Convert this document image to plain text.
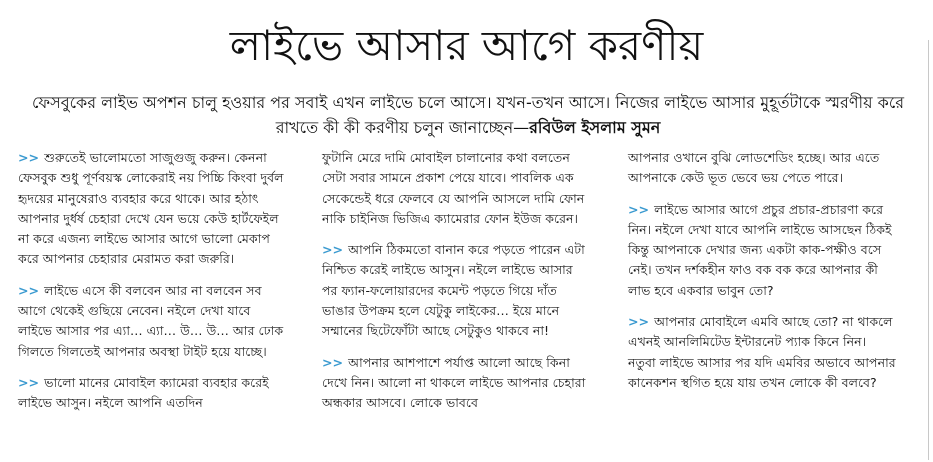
লাইভে আসার আগে করণীয়

ফেসবুকের লাইভ অপশন চালু হওয়ার পর সবাই এখন লাইভে চলে আসে। যখন-তখন আসে। নিজের লাইভে আসার মুহূর্তটাকে স্মরণীয় করে রাখতে কী কী করণীয় চলুন জানাচ্ছেন—রবিউল ইসলাম সুমন

>> শুরুতেই ভালোমতো সাজুগুজু করুন। কেননা ফেসবুক শুধু পূর্ণবয়স্ক লোকেরাই নয় পিচ্চি কিংবা দুর্বল হৃদয়ের মানুষেরাও ব্যবহার করে থাকে। আর হঠাৎ আপনার দুর্ধর্ষ চেহারা দেখে যেন ভয়ে কেউ হার্টফেইল না করে এজন্য লাইভে আসার আগে ভালো মেকাপ করে আপনার চেহারার মেরামত করা জরুরি।

>> লাইভে এসে কী বলবেন আর না বলবেন সব আগে থেকেই গুছিয়ে নেবেন। নইলে দেখা যাবে লাইভে আসার পর এ্যা… এ্যা… উ… উ… আর ঢোক গিলতে গিলতেই আপনার অবস্থা টাইট হয়ে যাচ্ছে।

>> ভালো মানের মোবাইল ক্যামেরা ব্যবহার করেই লাইভে আসুন। নইলে আপনি এতদিন

ফুটানি মেরে দামি মোবাইল চালানোর কথা বলতেন সেটা সবার সামনে প্রকাশ পেয়ে যাবে। পাবলিক এক সেকেন্ডেই ধরে ফেলবে যে আপনি আসলে দামি ফোন নাকি চাইনিজ ভিজিএ ক্যামেরার ফোন ইউজ করেন।

>> আপনি ঠিকমতো বানান করে পড়তে পারেন এটা নিশ্চিত করেই লাইভে আসুন। নইলে লাইভে আসার পর ফ্যান-ফলোয়ারদের কমেন্ট পড়তে গিয়ে দাঁত ভাঙার উপক্রম হলে যেটুকু লাইকের… ইয়ে মানে সম্মানের ছিটেফোঁটা আছে সেটুকুও থাকবে না!

>> আপনার আশপাশে পর্যাপ্ত আলো আছে কিনা দেখে নিন। আলো না থাকলে লাইভে আপনার চেহারা অন্ধকার আসবে। লোকে ভাববে

আপনার ওখানে বুঝি লোডশেডিং হচ্ছে। আর এতে আপনাকে কেউ ভূত ভেবে ভয় পেতে পারে।

>> লাইভে আসার আগে প্রচুর প্রচার-প্রচারণা করে নিন। নইলে দেখা যাবে আপনি লাইভে আসছেন ঠিকই কিন্তু আপনাকে দেখার জন্য একটা কাক-পক্ষীও বসে নেই। তখন দর্শকহীন ফাও বক বক করে আপনার কী লাভ হবে একবার ভাবুন তো?

>> আপনার মোবাইলে এমবি আছে তো? না থাকলে এখনই আনলিমিটেড ইন্টারনেট প্যাক কিনে নিন। নতুবা লাইভে আসার পর যদি এমবির অভাবে আপনার কানেকশন স্থগিত হয়ে যায় তখন লোকে কী বলবে?
